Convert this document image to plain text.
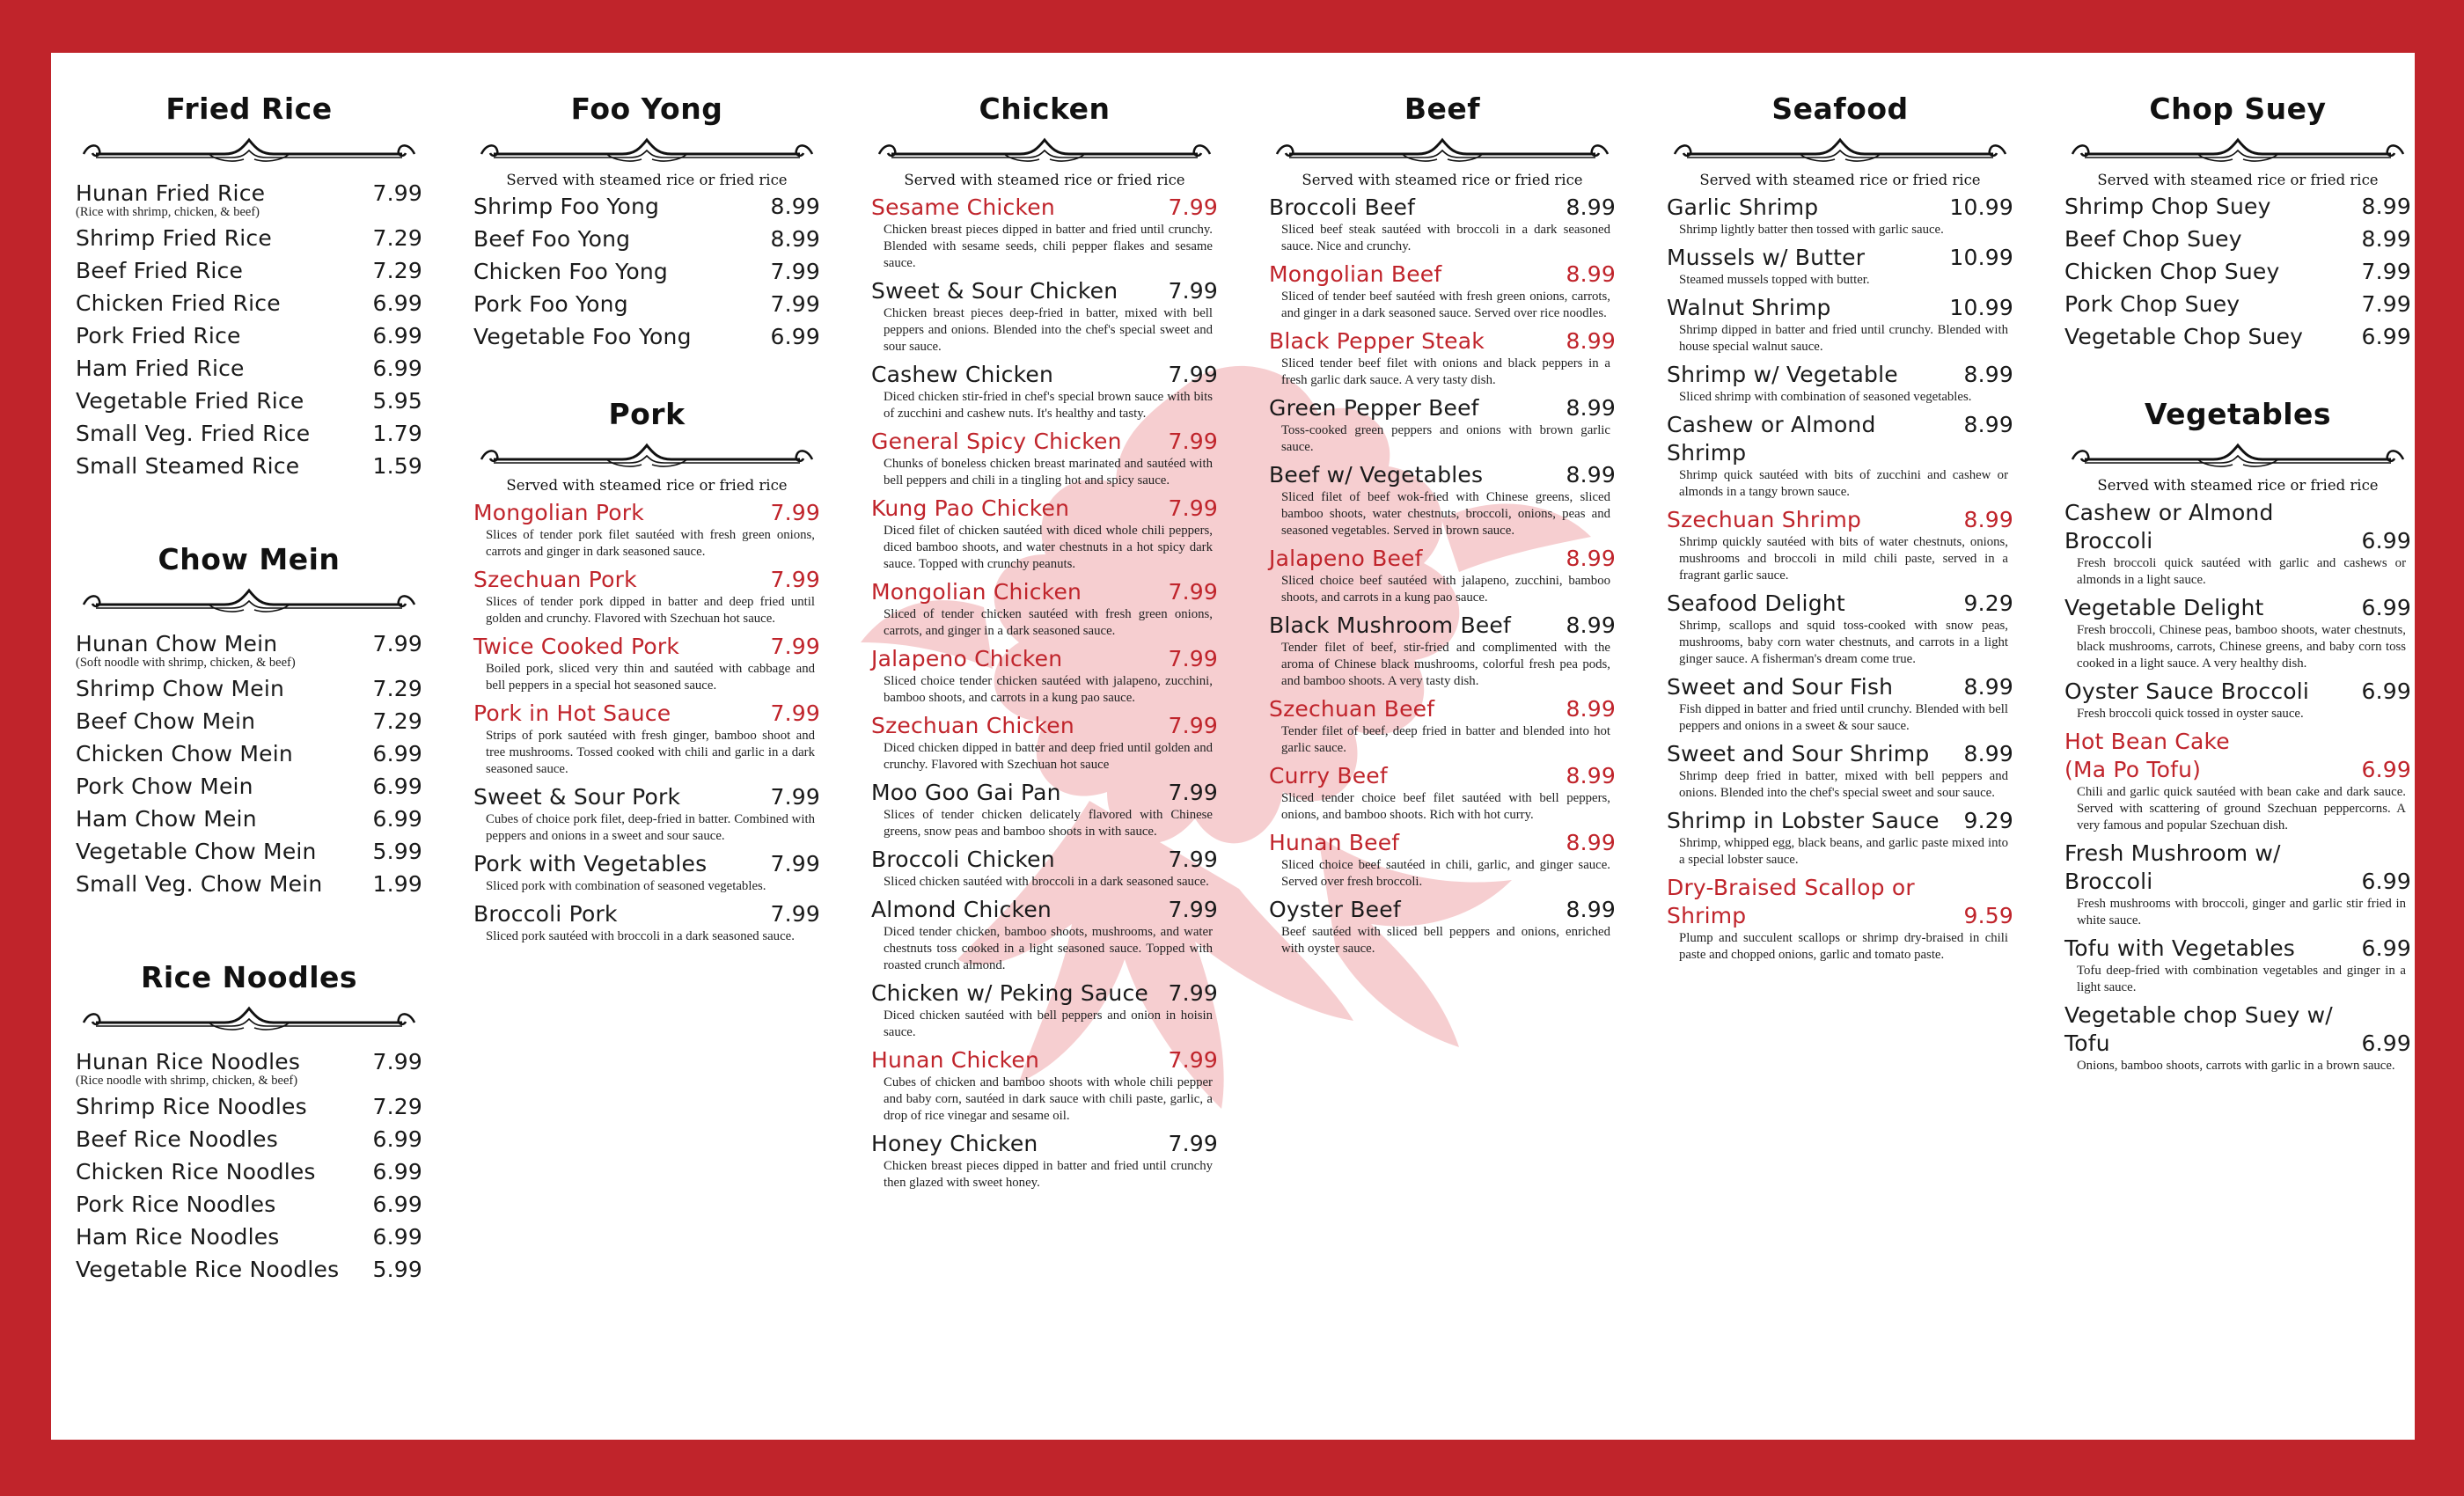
Fried Rice
Hunan Fried Rice	7.99
(Rice with shrimp, chicken, & beef)
Shrimp Fried Rice	7.29
Beef Fried Rice	7.29
Chicken Fried Rice	6.99
Pork Fried Rice	6.99
Ham Fried Rice	6.99
Vegetable Fried Rice	5.95
Small Veg. Fried Rice	1.79
Small Steamed Rice	1.59
Chow Mein
Hunan Chow Mein	7.99
(Soft noodle with shrimp, chicken, & beef)
Shrimp Chow Mein	7.29
Beef Chow Mein	7.29
Chicken Chow Mein	6.99
Pork Chow Mein	6.99
Ham Chow Mein	6.99
Vegetable Chow Mein	5.99
Small Veg. Chow Mein 1.99
Rice Noodles
Hunan Rice Noodles	7.99
(Rice noodle with shrimp, chicken, & beef)
Shrimp Rice Noodles	7.29
Beef Rice Noodles	6.99
Chicken Rice Noodles	6.99
Pork Rice Noodles	6.99
Ham Rice Noodles	6.99
Vegetable Rice Noodles 5.99
Foo Yong
Served with steamed rice or fried rice
Shrimp Foo Yong	8.99
Beef Foo Yong	8.99
Chicken Foo Yong	7.99
Pork Foo Yong	7.99
Vegetable Foo Yong	6.99
Pork
Served with steamed rice or fried rice
Mongolian Pork	7.99
Slices of tender pork filet sautéed with fresh green onions, carrots and ginger in dark seasoned sauce.
Szechuan Pork	7.99
Slices of tender pork dipped in batter and deep fried until golden and crunchy. Flavored with Szechuan hot sauce.
Twice Cooked Pork	7.99
Boiled pork, sliced very thin and sautéed with cabbage and bell peppers in a special hot seasoned sauce.
Pork in Hot Sauce	7.99
Strips of pork sautéed with fresh ginger, bamboo shoot and tree mushrooms. Tossed cooked with chili and garlic in a dark seasoned sauce.
Sweet & Sour Pork	7.99
Cubes of choice pork filet, deep-fried in batter. Combined with peppers and onions in a sweet and sour sauce.
Pork with Vegetables	7.99
Sliced pork with combination of seasoned vegetables.
Broccoli Pork	7.99
Sliced pork sautéed with broccoli in a dark seasoned sauce.
Chicken
Served with steamed rice or fried rice
Sesame Chicken	7.99
Chicken breast pieces dipped in batter and fried until crunchy. Blended with sesame seeds, chili pepper flakes and sesame sauce.
Sweet & Sour Chicken 7.99
Chicken breast pieces deep-fried in batter, mixed with bell peppers and onions. Blended into the chef's special sweet and sour sauce.
Cashew Chicken	7.99
Diced chicken stir-fried in chef's special brown sauce with bits of zucchini and cashew nuts. It's healthy and tasty.
General Spicy Chicken 7.99
Chunks of boneless chicken breast marinated and sautéed with bell peppers and chili in a tingling hot and spicy sauce.
Kung Pao Chicken	7.99
Diced filet of chicken sautéed with diced whole chili peppers, diced bamboo shoots, and water chestnuts in a hot spicy dark sauce. Topped with crunchy peanuts.
Mongolian Chicken	7.99
Sliced of tender chicken sautéed with fresh green onions, carrots, and ginger in a dark seasoned sauce.
Jalapeno Chicken	7.99
Sliced choice tender chicken sautéed with jalapeno, zucchini, bamboo shoots, and carrots in a kung pao sauce.
Szechuan Chicken	7.99
Diced chicken dipped in batter and deep fried until golden and crunchy. Flavored with Szechuan hot sauce
Moo Goo Gai Pan	7.99
Slices of tender chicken delicately flavored with Chinese greens, snow peas and bamboo shoots in with sauce.
Broccoli Chicken	7.99
Sliced chicken sautéed with broccoli in a dark seasoned sauce.
Almond Chicken	7.99
Diced tender chicken, bamboo shoots, mushrooms, and water chestnuts toss cooked in a light seasoned sauce. Topped with roasted crunch almond.
Chicken w/ Peking Sauce 7.99
Diced chicken sautéed with bell peppers and onion in hoisin sauce.
Hunan Chicken	7.99
Cubes of chicken and bamboo shoots with whole chili pepper and baby corn, sautéed in dark sauce with chili paste, garlic, a drop of rice vinegar and sesame oil.
Honey Chicken	7.99
Chicken breast pieces dipped in batter and fried until crunchy then glazed with sweet honey.
Beef
Served with steamed rice or fried rice
Broccoli Beef	8.99
Sliced beef steak sautéed with broccoli in a dark seasoned sauce. Nice and crunchy.
Mongolian Beef	8.99
Sliced of tender beef sautéed with fresh green onions, carrots, and ginger in a dark seasoned sauce. Served over rice noodles.
Black Pepper Steak	8.99
Sliced tender beef filet with onions and black peppers in a fresh garlic dark sauce. A very tasty dish.
Green Pepper Beef	8.99
Toss-cooked green peppers and onions with brown garlic sauce.
Beef w/ Vegetables	8.99
Sliced filet of beef wok-fried with Chinese greens, sliced bamboo shoots, water chestnuts, broccoli, onions, peas and seasoned vegetables. Served in brown sauce.
Jalapeno Beef	8.99
Sliced choice beef sautéed with jalapeno, zucchini, bamboo shoots, and carrots in a kung pao sauce.
Black Mushroom Beef	8.99
Tender filet of beef, stir-fried and complimented with the aroma of Chinese black mushrooms, colorful fresh pea pods, and bamboo shoots. A very tasty dish.
Szechuan Beef	8.99
Tender filet of beef, deep fried in batter and blended into hot garlic sauce.
Curry Beef	8.99
Sliced tender choice beef filet sautéed with bell peppers, onions, and bamboo shoots. Rich with hot curry.
Hunan Beef	8.99
Sliced choice beef sautéed in chili, garlic, and ginger sauce. Served over fresh broccoli.
Oyster Beef	8.99
Beef sautéed with sliced bell peppers and onions, enriched with oyster sauce.
Seafood
Served with steamed rice or fried rice
Garlic Shrimp	10.99
Shrimp lightly batter then tossed with garlic sauce.
Mussels w/ Butter	10.99
Steamed mussels topped with butter.
Walnut Shrimp	10.99
Shrimp dipped in batter and fried until crunchy. Blended with house special walnut sauce.
Shrimp w/ Vegetable	8.99
Sliced shrimp with combination of seasoned vegetables.
Cashew or Almond Shrimp
8.99
Shrimp quick sautéed with bits of zucchini and cashew or almonds in a tangy brown sauce.
Szechuan Shrimp	8.99
Shrimp quickly sautéed with bits of water chestnuts, onions, mushrooms and broccoli in mild chili paste, served in a fragrant garlic sauce.
Seafood Delight	9.29
Shrimp, scallops and squid toss-cooked with snow peas, mushrooms, baby corn water chestnuts, and carrots in a light ginger sauce. A fisherman's dream come true.
Sweet and Sour Fish	8.99
Fish dipped in batter and fried until crunchy. Blended with bell peppers and onions in a sweet & sour sauce.
Sweet and Sour Shrimp 8.99
Shrimp deep fried in batter, mixed with bell peppers and onions. Blended into the chef's special sweet and sour sauce.
Shrimp in Lobster Sauce 9.29
Shrimp, whipped egg, black beans, and garlic paste mixed into a special lobster sauce.
Dry-Braised Scallop or
Shrimp	9.59
Plump and succulent scallops or shrimp dry-braised in chili paste and chopped onions, garlic and tomato paste.
Chop Suey
Served with steamed rice or fried rice
Shrimp Chop Suey	8.99
Beef Chop Suey	8.99
Chicken Chop Suey	7.99
Pork Chop Suey	7.99
Vegetable Chop Suey	6.99
Vegetables
Served with steamed rice or fried rice
Cashew or Almond
Broccoli	6.99
Fresh broccoli quick sautéed with garlic and cashews or almonds in a light sauce.
Vegetable Delight	6.99
Fresh broccoli, Chinese peas, bamboo shoots, water chestnuts, black mushrooms, carrots, Chinese greens, and baby corn toss cooked in a light sauce. A very healthy dish.
Oyster Sauce Broccoli 6.99
Fresh broccoli quick tossed in oyster sauce.
Hot Bean Cake
(Ma Po Tofu)	6.99
Chili and garlic quick sautéed with bean cake and dark sauce. Served with scattering of ground Szechuan peppercorns. A very famous and popular Szechuan dish.
Fresh Mushroom w/
Broccoli	6.99
Fresh mushrooms with broccoli, ginger and garlic stir fried in white sauce.
Tofu with Vegetables	6.99
Tofu deep-fried with combination vegetables and ginger in a light sauce.
Vegetable chop Suey w/
Tofu	6.99
Onions, bamboo shoots, carrots with garlic in a brown sauce.
